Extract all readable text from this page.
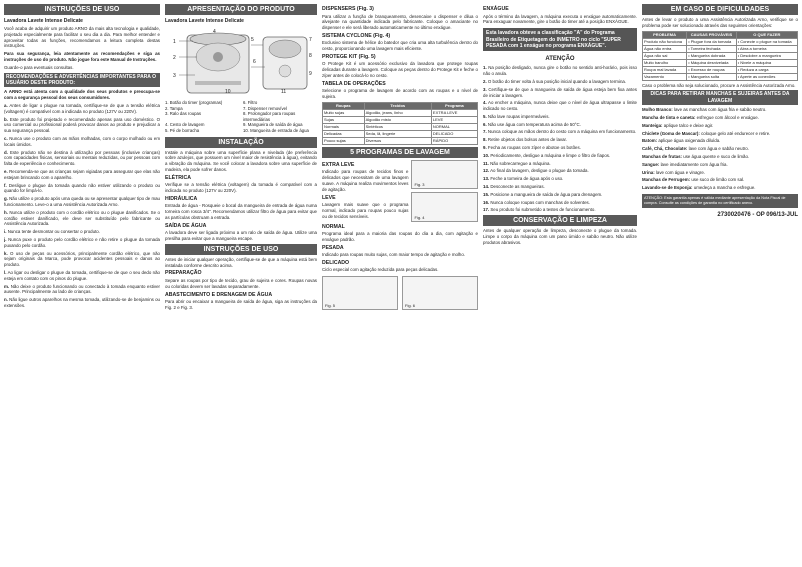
INSTRUÇÕES DE USO
Lavadora Lavete Intense Delicate

Você acaba de adquirir um produto ARNO da mais alta tecnologia e qualidade, projetado especialmente para facilitar o seu dia a dia. Para melhor entender e aproveitar todas as funções, recomendamos a leitura completa destas instruções.

Para sua segurança, leia atentamente as recomendações e siga as instruções de uso do produto. Não jogue fora este Manual de Instruções.

Guarde-o para eventuais consultas.

RECOMENDAÇÕES E ADVERTÊNCIAS IMPORTANTES PARA O USUÁRIO DESTE PRODUTO:

A ARNO está atenta com a qualidade dos seus produtos e preocupa-se com a segurança pessoal dos seus consumidores.

a. Antes de ligar o plugue na tomada, certifique-se de que a tensão elétrica (voltagem) é compatível com a indicada no produto (127V ou 220V).
b. Este produto foi projetado e recomendado apenas para uso doméstico. O uso comercial ou profissional poderá provocar danos ao produto e prejudicar a sua segurança pessoal.
c. Nunca use o produto com as mãos molhadas, com o corpo molhado ou em locais úmidos.
d. Este produto não se destina à utilização por pessoas (inclusive crianças) com capacidades físicas, sensoriais ou mentais reduzidas, ou por pessoas com falta de experiência e conhecimento.
e. Recomenda-se que as crianças sejam vigiadas para assegurar que elas não estejam brincando com o aparelho.
f. Desligue o plugue da tomada quando não estiver utilizando o produto ou quando for limpá-lo.
g. Não utilize o produto após uma queda ou se apresentar qualquer tipo de mau funcionamento. Leve-o a uma Assistência Autorizada Arno.
h. Nunca utilize o produto com o cordão elétrico ou o plugue danificados. Se o cordão estiver danificado, ele deve ser substituído pelo fabricante ou Assistência Autorizada.
i. Nunca tente desmontar ou consertar o produto.
j. Nunca puxe o produto pelo cordão elétrico e não retire o plugue da tomada puxando pelo cordão.
k. O uso de peças ou acessórios, principalmente cordão elétrico, que não sejam originais da Marca, pode provocar acidentes pessoais e danos ao produto.
l. Ao ligar ou desligar o plugue da tomada, certifique-se de que o seu dedo não esteja em contato com os pinos do plugue.
m. Não deixe o produto funcionando ou conectado à tomada enquanto estiver ausente. Principalmente ao lado de crianças.
n. Não ligue outros aparelhos na mesma tomada, utilizando-se de benjamins ou extensões.
APRESENTAÇÃO DO PRODUTO
Lavadora Lavete Intense Delicate
1
2
3
4
5
6
7
8
9
10	11
1. Botão do timer (programas)	6. Filtro
2. Tampa	7. Dispenser removível
3. Ralo das roupas	8. Prolongador para roupas intermediárias
4. Cesto de lavagem	9. Mangueira de saída de água
5. Pé de borracha	10. Mangueira de entrada de água
INSTALAÇÃO

Instale a máquina sobre uma superfície plana e nivelada (de preferência sobre azulejos, que possuem um nível maior de resistência à água), evitando a vibração da máquina. Se você colocar a lavadora sobre uma superfície de madeira, ela pode sofrer danos.

ELÉTRICA

Verifique se a tensão elétrica (voltagem) da tomada é compatível com a indicada no produto (127V ou 220V).

HIDRÁULICA

Entrada de água - Rosqueie o bocal da mangueira de entrada de água numa torneira com rosca 3/4". Recomendamos utilizar filtro de água para evitar que as partículas obstruam a entrada.

SAÍDA DE ÁGUA

A lavadora deve ser ligada próximo a um ralo de saída de água. Utilize uma presilha para evitar que a mangueira escape.

INSTRUÇÕES DE USO

Antes de iniciar qualquer operação, certifique-se de que a máquina está bem instalada conforme descrito acima.

PREPARAÇÃO

Separe as roupas por tipo de tecido, grau de sujeira e cores. Roupas novas ou coloridas devem ser lavadas separadamente.

ABASTECIMENTO E DRENAGEM DE ÁGUA

Para abrir ou encaixar a mangueira de saída de água, siga as instruções da Fig. 2 e Fig. 3.

DISPENSERS (Fig. 3)

Para utilizar a função de branqueamento, desencaixe o dispenser e dilua o alvejante na quantidade indicada pelo fabricante. Coloque o amaciante no dispenser e ele será liberado automaticamente no último enxágue.

SISTEMA CYCLONE (Fig. 4)

Exclusivo sistema de hélice do batedor que cria uma alta turbulência dentro do cesto, proporcionando uma lavagem mais eficiente.

PROTEGE KIT (Fig. 5)

O Protege Kit é um acessório exclusivo da lavadora que protege roupas delicadas durante a lavagem. Coloque as peças dentro do Protege Kit e feche o zíper antes de colocá-lo no cesto.

TABELA DE OPERAÇÕES

Selecione o programa de lavagem de acordo com as roupas e o nível de sujeira.

Roupas	Tecidos	Programa
Muito sujas	Algodão, jeans, linho	EXTRA LEVE
Sujas	Algodão misto	LEVE
Normais	Sintéticos	NORMAL
Delicadas	Seda, lã, lingerie	DELICADO
Pouco sujas	Diversos	RÁPIDO
5 PROGRAMAS DE LAVAGEM
EXTRA LEVE

Indicado para roupas de tecidos finos e delicados que necessitam de uma lavagem suave. A máquina realiza movimentos leves de agitação.

LEVE

Lavagem mais suave que o programa normal, indicado para roupas pouco sujas ou de tecidos sensíveis.

Fig. 3
Fig. 4
NORMAL

Programa ideal para a maioria das roupas do dia a dia, com agitação e enxágue padrão.

PESADA

Indicado para roupas muito sujas, com maior tempo de agitação e molho.

DELICADO

Ciclo especial com agitação reduzida para peças delicadas.

Fig. 5	Fig. 6
ENXÁGUE

Após o término da lavagem, a máquina executa o enxágue automaticamente. Para enxaguar novamente, gire o botão do timer até a posição ENXÁGUE.

Esta lavadora obteve a classificação "A" do Programa Brasileiro de Etiquetagem do INMETRO no ciclo "SUPER PESADA com 1 enxágue no programa ENXÁGUE".
ATENÇÃO
1. Na posição desligado, nunca gire o botão no sentido anti-horário, pois isso não o anula.
2. O botão do timer volta à sua posição inicial quando a lavagem termina.
3. Certifique-se de que a mangueira de saída de água esteja bem fixa antes de iniciar a lavagem.
4. Ao encher a máquina, nunca deixe que o nível de água ultrapasse o limite indicado no cesto.
5. Não lave roupas impermeáveis.
6. Não use água com temperatura acima de 50°C.
7. Nunca coloque as mãos dentro do cesto com a máquina em funcionamento.
8. Retire objetos dos bolsos antes de lavar.
9. Fecha as roupas com zíper e abotoe os botões.
10. Periodicamente, desligue a máquina e limpe o filtro de fiapos.
11. Não sobrecarregue a máquina.
12. Ao final da lavagem, desligue o plugue da tomada.
13. Feche a torneira de água após o uso.
14. Desconecte as mangueiras.
15. Posicione a mangueira de saída de água para drenagem.
16. Nunca coloque roupas com manchas de solventes.
17. Seu produto foi submetido a testes de funcionamento.
CONSERVAÇÃO E LIMPEZA

Antes de qualquer operação de limpeza, desconecte o plugue da tomada. Limpe o corpo da máquina com um pano úmido e sabão neutro. Não utilize produtos abrasivos.

EM CASO DE DIFICULDADES

Antes de levar o produto a uma Assistência Autorizada Arno, verifique se o problema pode ser solucionado através das seguintes orientações:

PROBLEMA	CAUSAS PROVÁVEIS	O QUE FAZER
Produto não funciona	• Plugue fora da tomada	• Conecte o plugue na tomada
Água não entra	• Torneira fechada	• Abra a torneira
Água não sai	• Mangueira dobrada	• Desdobre a mangueira
Muito barulho	• Máquina desnivelada	• Nivele a máquina
Roupa mal lavada	• Excesso de roupas	• Reduza a carga
Vazamento	• Mangueira solta	• Aperte as conexões

Caso o problema não seja solucionado, procure a Assistência Autorizada Arno.

DICAS PARA RETIRAR MANCHAS E SUJEIRAS ANTES DA LAVAGEM
Molho Branco: lave as manchas com água fria e sabão neutro.
Mancha de tinta e caneta: esfregue com álcool e enxágue.
Manteiga: aplique talco e deixe agir.
Chiclete (Goma de Mascar): coloque gelo até endurecer e retire.
Batom: aplique água oxigenada diluída.
Café, Chá, Chocolate: lave com água e sabão neutro.
Manchas de frutas: use água quente e suco de limão.
Sangue: lave imediatamente com água fria.
Urina: lave com água e vinagre.
Manchas de Ferrugem: use suco de limão com sal.
Lavando-se de Esponja: umedeça a mancha e esfregue.
ATENÇÃO: Esta garantia apenas é válida mediante apresentação da Nota Fiscal de compra. Consulte as condições de garantia no certificado anexo.
2730020476 - OP 096/13-JUL
